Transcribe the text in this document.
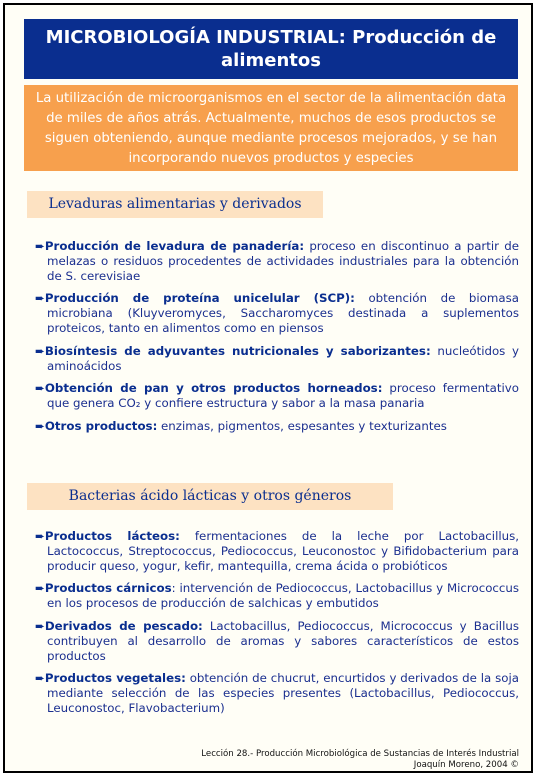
MICROBIOLOGÍA INDUSTRIAL: Producción de alimentos
La utilización de microorganismos en el sector de la alimentación data de miles de años atrás. Actualmente, muchos de esos productos se siguen obteniendo, aunque mediante procesos mejorados, y se han incorporando nuevos productos y especies
Levaduras alimentarias y derivados
➨Producción de levadura de panadería: proceso en discontinuo a partir de melazas o residuos procedentes de actividades industriales para la obtención de S. cerevisiae
➨Producción de proteína unicelular (SCP): obtención de biomasa microbiana (Kluyveromyces, Saccharomyces destinada a suplementos proteicos, tanto en alimentos como en piensos
➨Biosíntesis de adyuvantes nutricionales y saborizantes: nucleótidos y aminoácidos
➨Obtención de pan y otros productos horneados: proceso fermentativo que genera CO₂ y confiere estructura y sabor a la masa panaria
➨Otros productos: enzimas, pigmentos, espesantes y texturizantes
Bacterias ácido lácticas y otros géneros
➨Productos lácteos: fermentaciones de la leche por Lactobacillus, Lactococcus, Streptococcus, Pediococcus, Leuconostoc y Bifidobacterium para producir queso, yogur, kefir, mantequilla, crema ácida o probióticos
➨Productos cárnicos: intervención de Pediococcus, Lactobacillus y Micrococcus en los procesos de producción de salchicas y embutidos
➨Derivados de pescado: Lactobacillus, Pediococcus, Micrococcus y Bacillus contribuyen al desarrollo de aromas y sabores característicos de estos productos
➨Productos vegetales: obtención de chucrut, encurtidos y derivados de la soja mediante selección de las especies presentes (Lactobacillus, Pediococcus, Leuconostoc, Flavobacterium)
Lección 28.- Producción Microbiológica de Sustancias de Interés Industrial
Joaquín Moreno, 2004 ©
